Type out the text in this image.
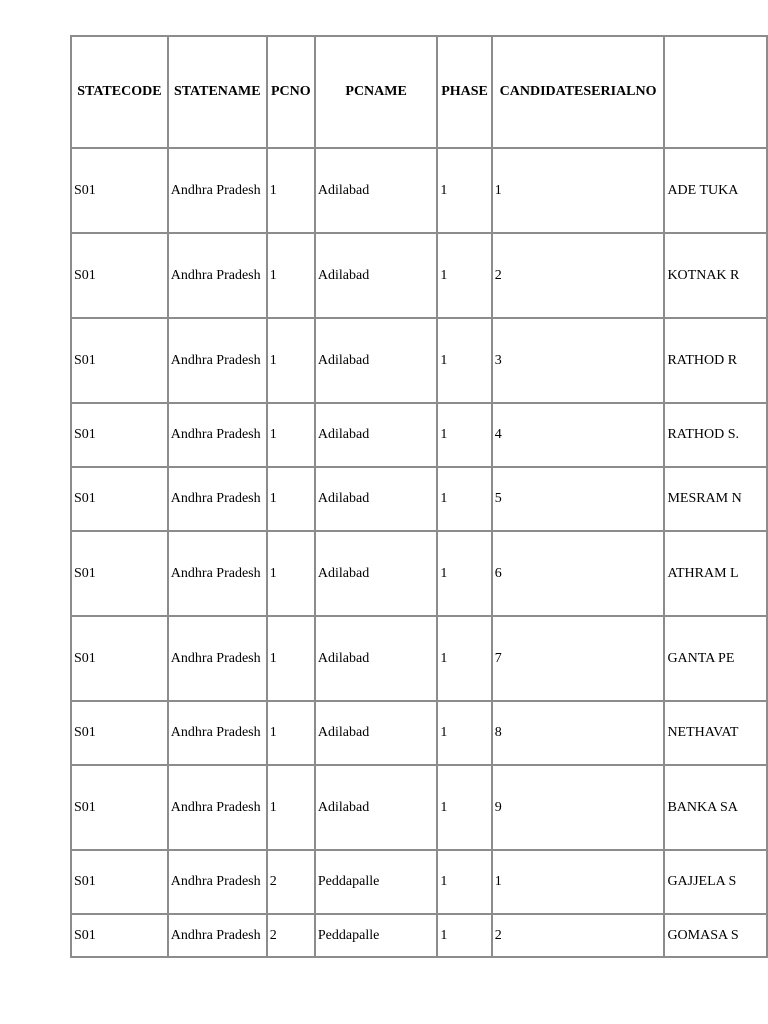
STATECODE	STATENAME	PCNO	PCNAME	PHASE	CANDIDATESERIALNO	
S01	Andhra Pradesh	1	Adilabad	1	1	ADE TUKA
S01	Andhra Pradesh	1	Adilabad	1	2	KOTNAK R
S01	Andhra Pradesh	1	Adilabad	1	3	RATHOD R
S01	Andhra Pradesh	1	Adilabad	1	4	RATHOD S.
S01	Andhra Pradesh	1	Adilabad	1	5	MESRAM N
S01	Andhra Pradesh	1	Adilabad	1	6	ATHRAM L
S01	Andhra Pradesh	1	Adilabad	1	7	GANTA PE
S01	Andhra Pradesh	1	Adilabad	1	8	NETHAVAT
S01	Andhra Pradesh	1	Adilabad	1	9	BANKA SA
S01	Andhra Pradesh	2	Peddapalle	1	1	GAJJELA S
S01	Andhra Pradesh	2	Peddapalle	1	2	GOMASA S
